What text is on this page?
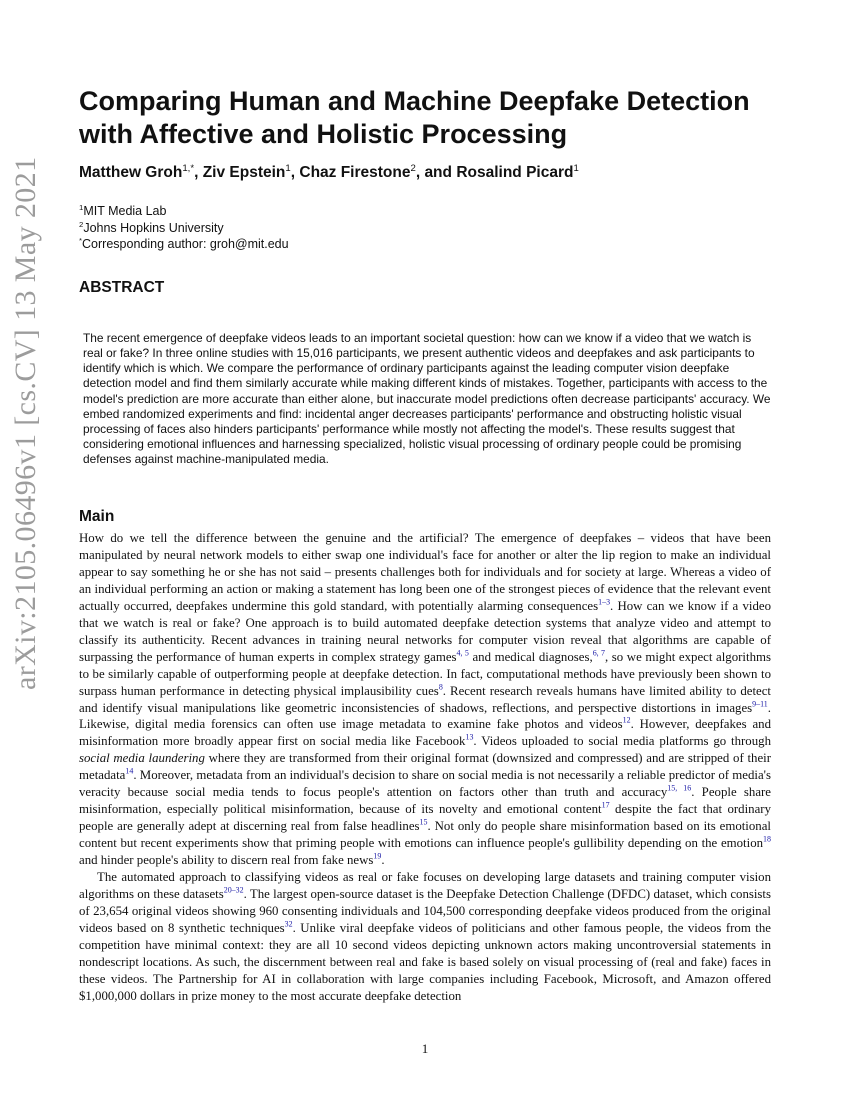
arXiv:2105.06496v1 [cs.CV] 13 May 2021
Comparing Human and Machine Deepfake Detection with Affective and Holistic Processing
Matthew Groh$^{1,*}$, Ziv Epstein$^1$, Chaz Firestone$^2$, and Rosalind Picard$^1$
$^1$MIT Media Lab
$^2$Johns Hopkins University
*Corresponding author: groh@mit.edu
ABSTRACT

The recent emergence of deepfake videos leads to an important societal question: how can we know if a video that we watch is real or fake? In three online studies with 15,016 participants, we present authentic videos and deepfakes and ask participants to identify which is which. We compare the performance of ordinary participants against the leading computer vision deepfake detection model and find them similarly accurate while making different kinds of mistakes. Together, participants with access to the model's prediction are more accurate than either alone, but inaccurate model predictions often decrease participants' accuracy. We embed randomized experiments and find: incidental anger decreases participants' performance and obstructing holistic visual processing of faces also hinders participants' performance while mostly not affecting the model's. These results suggest that considering emotional influences and harnessing specialized, holistic visual processing of ordinary people could be promising defenses against machine-manipulated media.

Main

How do we tell the difference between the genuine and the artificial? The emergence of deepfakes – videos that have been manipulated by neural network models to either swap one individual's face for another or alter the lip region to make an individual appear to say something he or she has not said – presents challenges both for individuals and for society at large. Whereas a video of an individual performing an action or making a statement has long been one of the strongest pieces of evidence that the relevant event actually occurred, deepfakes undermine this gold standard, with potentially alarming consequences$^{1-3}$. How can we know if a video that we watch is real or fake? One approach is to build automated deepfake detection systems that analyze video and attempt to classify its authenticity. Recent advances in training neural networks for computer vision reveal that algorithms are capable of surpassing the performance of human experts in complex strategy games$^{4, 5}$ and medical diagnoses,$^{6, 7}$, so we might expect algorithms to be similarly capable of outperforming people at deepfake detection. In fact, computational methods have previously been shown to surpass human performance in detecting physical implausibility cues$^8$. Recent research reveals humans have limited ability to detect and identify visual manipulations like geometric inconsistencies of shadows, reflections, and perspective distortions in images$^{9-11}$. Likewise, digital media forensics can often use image metadata to examine fake photos and videos$^{12}$. However, deepfakes and misinformation more broadly appear first on social media like Facebook$^{13}$. Videos uploaded to social media platforms go through social media laundering where they are transformed from their original format (downsized and compressed) and are stripped of their metadata$^{14}$. Moreover, metadata from an individual's decision to share on social media is not necessarily a reliable predictor of media's veracity because social media tends to focus people's attention on factors other than truth and accuracy$^{15, 16}$. People share misinformation, especially political misinformation, because of its novelty and emotional content$^{17}$ despite the fact that ordinary people are generally adept at discerning real from false headlines$^{15}$. Not only do people share misinformation based on its emotional content but recent experiments show that priming people with emotions can influence people's gullibility depending on the emotion$^{18}$ and hinder people's ability to discern real from fake news$^{19}$.

The automated approach to classifying videos as real or fake focuses on developing large datasets and training computer vision algorithms on these datasets$^{20-32}$. The largest open-source dataset is the Deepfake Detection Challenge (DFDC) dataset, which consists of 23,654 original videos showing 960 consenting individuals and 104,500 corresponding deepfake videos produced from the original videos based on 8 synthetic techniques$^{32}$. Unlike viral deepfake videos of politicians and other famous people, the videos from the competition have minimal context: they are all 10 second videos depicting unknown actors making uncontroversial statements in nondescript locations. As such, the discernment between real and fake is based solely on visual processing of (real and fake) faces in these videos. The Partnership for AI in collaboration with large companies including Facebook, Microsoft, and Amazon offered $1,000,000 dollars in prize money to the most accurate deepfake detection

1
